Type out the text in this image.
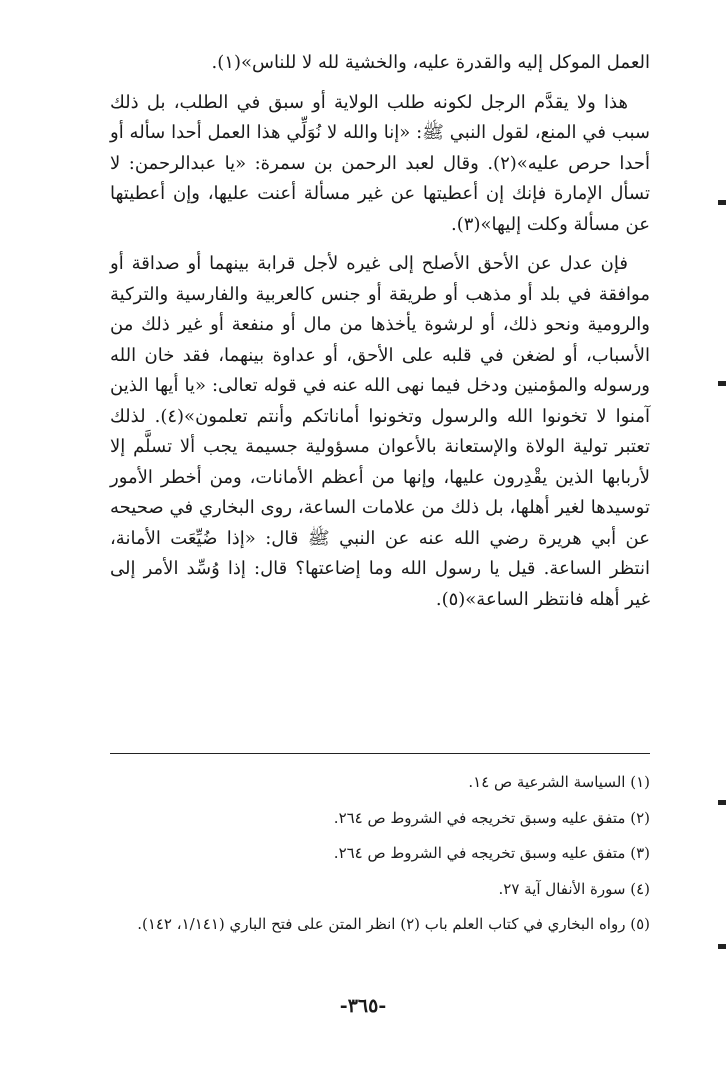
العمل الموكل إليه والقدرة عليه، والخشية لله لا للناس»(١).

هذا ولا يقدَّم الرجل لكونه طلب الولاية أو سبق في الطلب، بل ذلك سبب في المنع، لقول النبي ﷺ: «إنا والله لا نُوَلِّي هذا العمل أحدا سأله أو أحدا حرص عليه»(٢). وقال لعبد الرحمن بن سمرة: «يا عبدالرحمن: لا تسأل الإمارة فإنك إن أعطيتها عن غير مسألة أعنت عليها، وإن أعطيتها عن مسألة وكلت إليها»(٣).

فإن عدل عن الأحق الأصلح إلى غيره لأجل قرابة بينهما أو صداقة أو موافقة في بلد أو مذهب أو طريقة أو جنس كالعربية والفارسية والتركية والرومية ونحو ذلك، أو لرشوة يأخذها من مال أو منفعة أو غير ذلك من الأسباب، أو لضغن في قلبه على الأحق، أو عداوة بينهما، فقد خان الله ورسوله والمؤمنين ودخل فيما نهى الله عنه في قوله تعالى: «يا أيها الذين آمنوا لا تخونوا الله والرسول وتخونوا أماناتكم وأنتم تعلمون»(٤). لذلك تعتبر تولية الولاة والإستعانة بالأعوان مسؤولية جسيمة يجب ألا تسلَّم إلا لأربابها الذين يقْدِرون عليها، وإنها من أعظم الأمانات، ومن أخطر الأمور توسيدها لغير أهلها، بل ذلك من علامات الساعة، روى البخاري في صحيحه عن أبي هريرة رضي الله عنه عن النبي ﷺ قال: «إذا ضُيِّعَت الأمانة، انتظر الساعة. قيل يا رسول الله وما إضاعتها؟ قال: إذا وُسِّد الأمر إلى غير أهله فانتظر الساعة»(٥).

(١) السياسة الشرعية ص ١٤.
(٢) متفق عليه وسبق تخريجه في الشروط ص ٢٦٤.
(٣) متفق عليه وسبق تخريجه في الشروط ص ٢٦٤.
(٤) سورة الأنفال آية ٢٧.
(٥) رواه البخاري في كتاب العلم باب (٢) انظر المتن على فتح الباري (١/١٤١، ١٤٢).
-٣٦٥-
